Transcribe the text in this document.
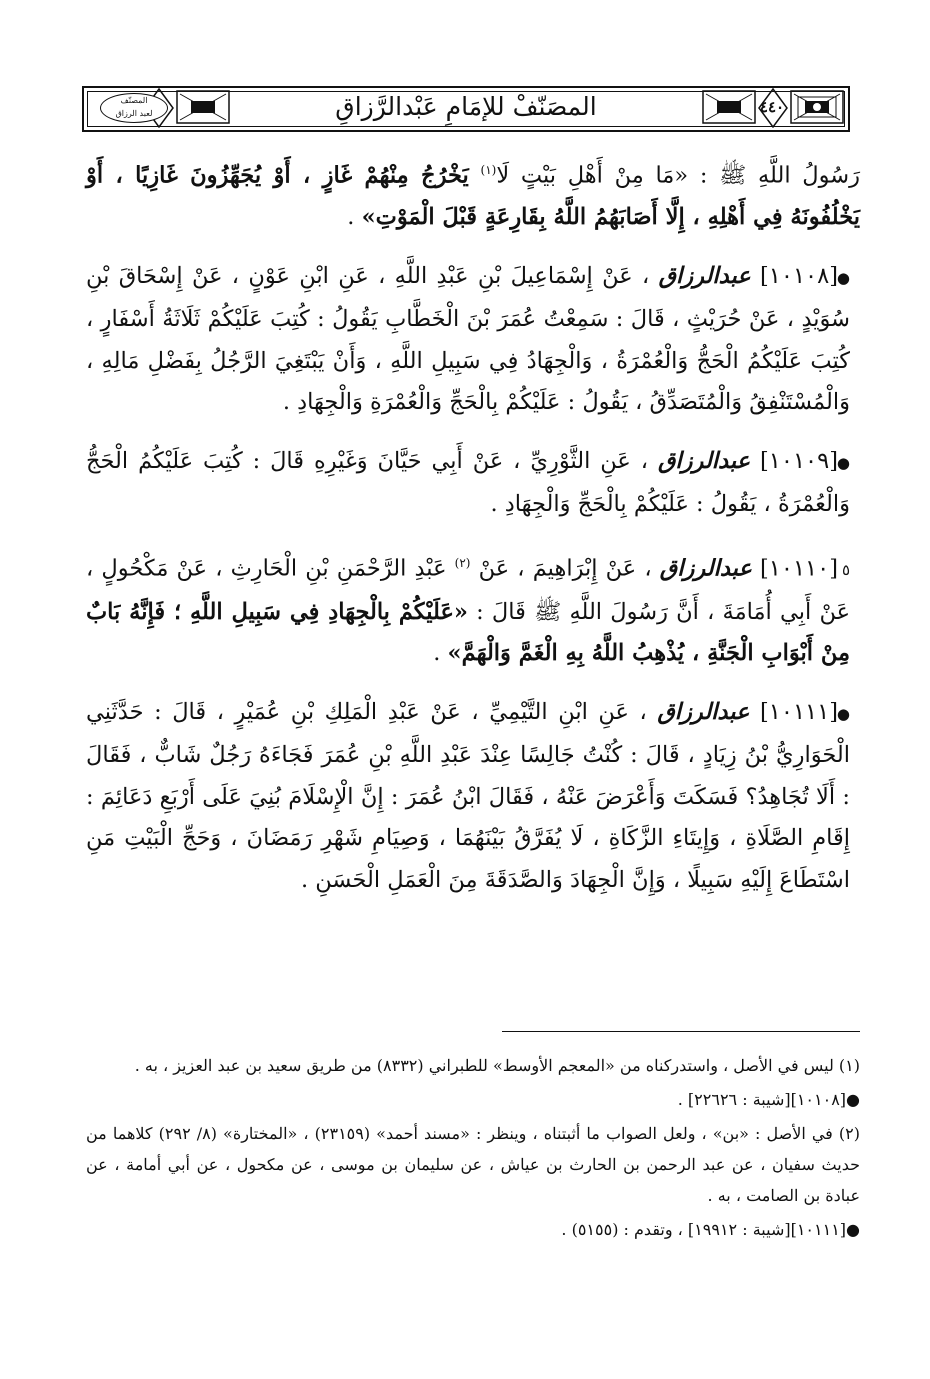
٤٤٠
المصَنّفْ للإمَامِ عَبْدالرَّزاقِ
المصنّف
لعبد الرزاق

رَسُولُ اللَّهِ ﷺ : «مَا مِنْ أَهْلِ بَيْتٍ لَا$^{(١)}$ يَخْرُجُ مِنْهُمْ غَازٍ ، أَوْ يُجَهِّزُونَ غَازِيًا ، أَوْ يَخْلُفُونَهُ فِي أَهْلِهِ ، إِلَّا أَصَابَهُمُ اللَّهُ بِقَارِعَةٍ قَبْلَ الْمَوْتِ» .

●[١٠١٠٨] عبدالرزاق ، عَنْ إِسْمَاعِيلَ بْنِ عَبْدِ اللَّهِ ، عَنِ ابْنِ عَوْنٍ ، عَنْ إِسْحَاقَ بْنِ سُوَيْدٍ ، عَنْ حُرَيْثٍ ، قَالَ : سَمِعْتُ عُمَرَ بْنَ الْخَطَّابِ يَقُولُ : كُتِبَ عَلَيْكُمْ ثَلَاثَةُ أَسْفَارٍ ، كُتِبَ عَلَيْكُمُ الْحَجُّ وَالْعُمْرَةُ ، وَالْجِهَادُ فِي سَبِيلِ اللَّهِ ، وَأَنْ يَبْتَغِيَ الرَّجُلُ بِفَضْلِ مَالِهِ ، وَالْمُسْتَنْفِقُ وَالْمُتَصَدِّقُ ، يَقُولُ : عَلَيْكُمْ بِالْحَجِّ وَالْعُمْرَةِ وَالْجِهَادِ .

●[١٠١٠٩] عبدالرزاق ، عَنِ الثَّوْرِيِّ ، عَنْ أَبِي حَيَّانَ وَغَيْرِهِ قَالَ : كُتِبَ عَلَيْكُمُ الْحَجُّ وَالْعُمْرَةُ ، يَقُولُ : عَلَيْكُمْ بِالْحَجِّ وَالْجِهَادِ .

٥[١٠١١٠] عبدالرزاق ، عَنْ إِبْرَاهِيمَ ، عَنْ $^{(٢)}$ عَبْدِ الرَّحْمَنِ بْنِ الْحَارِثِ ، عَنْ مَكْحُولٍ ، عَنْ أَبِي أُمَامَةَ ، أَنَّ رَسُولَ اللَّهِ ﷺ قَالَ : «عَلَيْكُمْ بِالْجِهَادِ فِي سَبِيلِ اللَّهِ ؛ فَإِنَّهُ بَابٌ مِنْ أَبْوَابِ الْجَنَّةِ ، يُذْهِبُ اللَّهُ بِهِ الْغَمَّ وَالْهَمَّ» .

●[١٠١١١] عبدالرزاق ، عَنِ ابْنِ التَّيْمِيِّ ، عَنْ عَبْدِ الْمَلِكِ بْنِ عُمَيْرٍ ، قَالَ : حَدَّثَنِي الْحَوَارِيُّ بْنُ زِيَادٍ ، قَالَ : كُنْتُ جَالِسًا عِنْدَ عَبْدِ اللَّهِ بْنِ عُمَرَ فَجَاءَهُ رَجُلٌ شَابٌّ ، فَقَالَ : أَلَا تُجَاهِدُ؟ فَسَكَتَ وَأَعْرَضَ عَنْهُ ، فَقَالَ ابْنُ عُمَرَ : إِنَّ الْإِسْلَامَ بُنِيَ عَلَى أَرْبَعِ دَعَائِمَ : إِقَامِ الصَّلَاةِ ، وَإِيتَاءِ الزَّكَاةِ ، لَا يُفَرَّقُ بَيْنَهُمَا ، وَصِيَامِ شَهْرِ رَمَضَانَ ، وَحَجِّ الْبَيْتِ مَنِ اسْتَطَاعَ إِلَيْهِ سَبِيلًا ، وَإِنَّ الْجِهَادَ وَالصَّدَقَةَ مِنَ الْعَمَلِ الْحَسَنِ .

(١) ليس في الأصل ، واستدركناه من «المعجم الأوسط» للطبراني (٨٣٣٢) من طريق سعيد بن عبد العزيز ، به .

●[١٠١٠٨][شيبة : ٢٢٦٢٦] .

(٢) في الأصل : «بن» ، ولعل الصواب ما أثبتناه ، وينظر : «مسند أحمد» (٢٣١٥٩) ، «المختارة» (٨/ ٢٩٢) كلاهما من حديث سفيان ، عن عبد الرحمن بن الحارث بن عياش ، عن سليمان بن موسى ، عن مكحول ، عن أبي أمامة ، عن عبادة بن الصامت ، به .

●[١٠١١١][شيبة : ١٩٩١٢] ، وتقدم : (٥١٥٥) .
